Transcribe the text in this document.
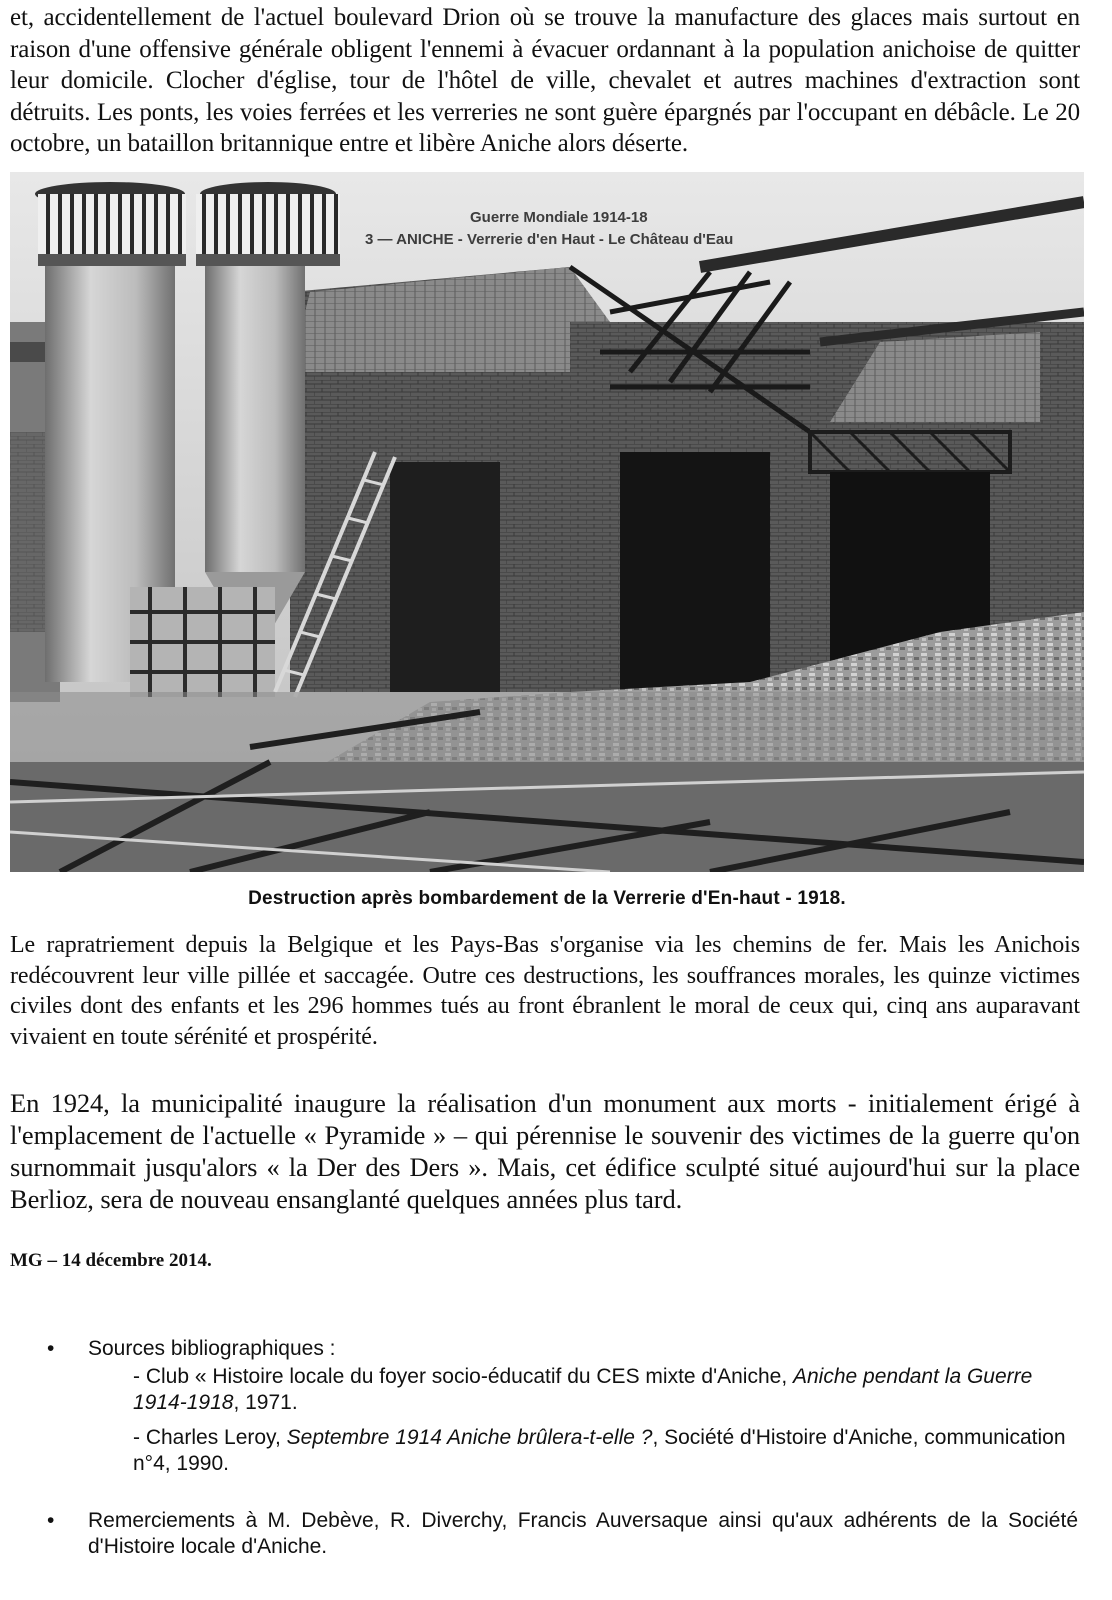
et, accidentellement de l'actuel boulevard Drion où se trouve la manufacture des glaces mais surtout en raison d'une offensive générale obligent l'ennemi à évacuer ordannant à la population anichoise de quitter leur domicile. Clocher d'église, tour de l'hôtel de ville, chevalet et autres machines d'extraction sont détruits. Les ponts, les voies ferrées et les verreries ne sont guère épargnés par l'occupant en débâcle. Le 20 octobre, un bataillon britannique entre et libère Aniche alors déserte.

Guerre Mondiale 1914-18
3 — ANICHE - Verrerie d'en Haut - Le Château d'Eau
Destruction après bombardement de la Verrerie d'En-haut - 1918.

Le rapratriement depuis la Belgique et les Pays-Bas s'organise via les chemins de fer. Mais les Anichois redécouvrent leur ville pillée et saccagée. Outre ces destructions, les souffrances morales, les quinze victimes civiles dont des enfants et les 296 hommes tués au front ébranlent le moral de ceux qui, cinq ans auparavant vivaient en toute sérénité et prospérité.

En 1924, la municipalité inaugure la réalisation d'un monument aux morts - initialement érigé à l'emplacement de l'actuelle « Pyramide » – qui pérennise le souvenir des victimes de la guerre qu'on surnommait jusqu'alors « la Der des Ders ». Mais, cet édifice sculpté situé aujourd'hui sur la place Berlioz, sera de nouveau ensanglanté quelques années plus tard.

MG – 14 décembre 2014.
• Sources bibliographiques :

- Club « Histoire locale du foyer socio-éducatif du CES mixte d'Aniche, Aniche pendant la Guerre 1914-1918, 1971.

- Charles Leroy, Septembre 1914 Aniche brûlera-t-elle ?, Société d'Histoire d'Aniche, communication n°4, 1990.

• Remerciements à M. Debève, R. Diverchy, Francis Auversaque ainsi qu'aux adhérents de la Société d'Histoire locale d'Aniche.
